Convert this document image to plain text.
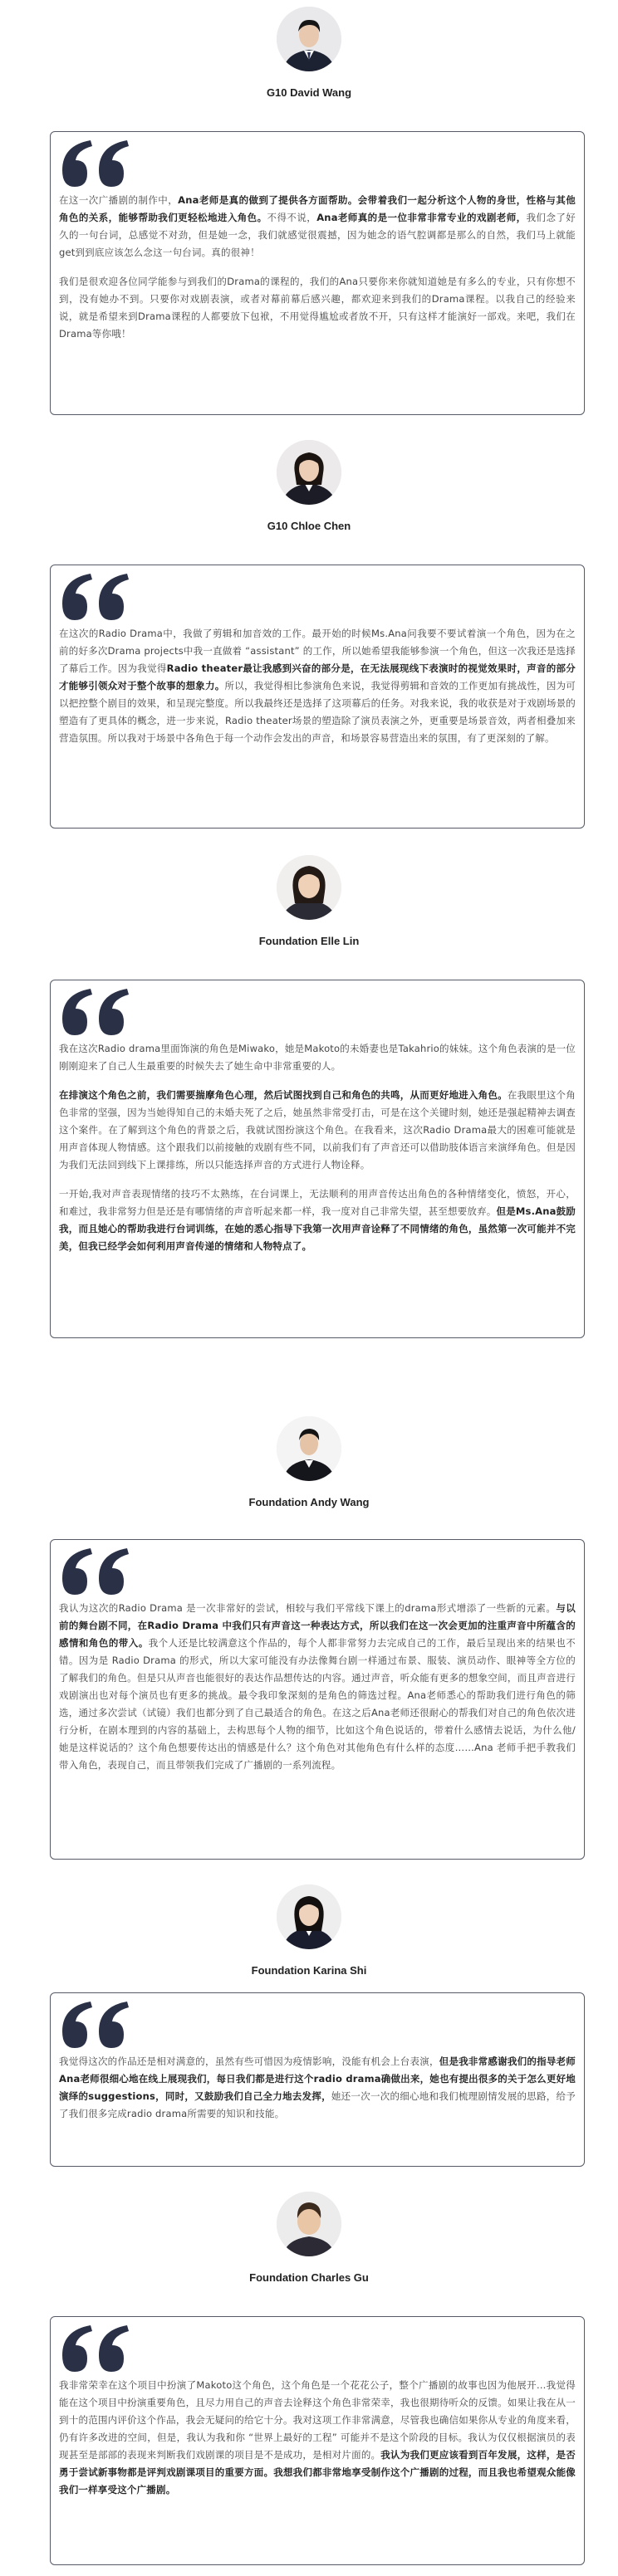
G10 David Wang

在这一次广播剧的制作中，Ana老师是真的做到了提供各方面帮助。会带着我们一起分析这个人物的身世，性格与其他角色的关系，能够帮助我们更轻松地进入角色。不得不说，Ana老师真的是一位非常非常专业的戏剧老师，我们念了好久的一句台词，总感觉不对劲，但是她一念，我们就感觉很震撼，因为她念的语气腔调都是那么的自然，我们马上就能get到到底应该怎么念这一句台词。真的很神！

我们是很欢迎各位同学能参与到我们的Drama的课程的，我们的Ana只要你来你就知道她是有多么的专业，只有你想不到，没有她办不到。只要你对戏剧表演，或者对幕前幕后感兴趣，都欢迎来到我们的Drama课程。以我自己的经验来说，就是希望来到Drama课程的人都要放下包袱，不用觉得尴尬或者放不开，只有这样才能演好一部戏。来吧，我们在Drama等你哦！

G10 Chloe Chen

在这次的Radio Drama中，我做了剪辑和加音效的工作。最开始的时候Ms.Ana问我要不要试着演一个角色，因为在之前的好多次Drama projects中我一直做着 “assistant” 的工作，所以她希望我能够参演一个角色，但这一次我还是选择了幕后工作。因为我觉得Radio theater最让我感到兴奋的部分是，在无法展现线下表演时的视觉效果时，声音的部分才能够引领众对于整个故事的想象力。所以，我觉得相比参演角色来说，我觉得剪辑和音效的工作更加有挑战性，因为可以把控整个剧目的效果，和呈现完整度。所以我最终还是选择了这项幕后的任务。对我来说，我的收获是对于戏剧场景的塑造有了更具体的概念，进一步来说，Radio theater场景的塑造除了演员表演之外，更重要是场景音效，两者相叠加来营造氛围。所以我对于场景中各角色于每一个动作会发出的声音，和场景容易营造出来的氛围，有了更深刻的了解。

Foundation Elle Lin

我在这次Radio drama里面饰演的角色是Miwako，她是Makoto的未婚妻也是Takahrio的妹妹。这个角色表演的是一位刚刚迎来了自己人生最重要的时候失去了她生命中非常重要的人。

在排演这个角色之前，我们需要揣摩角色心理，然后试图找到自己和角色的共鸣，从而更好地进入角色。在我眼里这个角色非常的坚强，因为当她得知自己的未婚夫死了之后，她虽然非常受打击，可是在这个关键时刻，她还是强起精神去调查这个案件。在了解到这个角色的背景之后，我就试图扮演这个角色。在我看来，这次Radio Drama最大的困难可能就是用声音体现人物情感。这个跟我们以前接触的戏剧有些不同，以前我们有了声音还可以借助肢体语言来演绎角色。但是因为我们无法回到线下上课排练，所以只能选择声音的方式进行人物诠释。

一开始,我对声音表现情绪的技巧不太熟练，在台词课上，无法顺利的用声音传达出角色的各种情绪变化，愤怒，开心，和难过，我非常努力但是还是有哪情绪的声音听起来都一样，我一度对自己非常失望，甚至想要放弃。但是Ms.Ana鼓励我，而且她心的帮助我进行台词训练，在她的悉心指导下我第一次用声音诠释了不同情绪的角色，虽然第一次可能并不完美，但我已经学会如何利用声音传递的情绪和人物特点了。

Foundation Andy Wang

我认为这次的Radio Drama 是一次非常好的尝试，相较与我们平常线下课上的drama形式增添了一些新的元素。与以前的舞台剧不同，在Radio Drama 中我们只有声音这一种表达方式，所以我们在这一次会更加的注重声音中所蕴含的感情和角色的带入。我个人还是比较满意这个作品的，每个人都非常努力去完成自己的工作，最后呈现出来的结果也不错。因为是 Radio Drama 的形式，所以大家可能没有办法像舞台剧一样通过布景、服装、演员动作、眼神等全方位的了解我们的角色。但是只从声音也能很好的表达作品想传达的内容。通过声音，听众能有更多的想象空间，而且声音进行戏剧演出也对每个演员也有更多的挑战。最令我印象深刻的是角色的筛选过程。Ana老师悉心的帮助我们进行角色的筛选，通过多次尝试（试镜）我们也都分到了自己最适合的角色。在这之后Ana老师还很耐心的帮我们对自己的角色依次进行分析，在剧本理到的内容的基础上，去构思每个人物的细节，比如这个角色说话的，带着什么感情去说话，为什么他/她是这样说话的？这个角色想要传达出的情感是什么？这个角色对其他角色有什么样的态度……Ana 老师手把手教我们带入角色，表现自己，而且带领我们完成了广播剧的一系列流程。

Foundation Karina Shi

我觉得这次的作品还是相对满意的，虽然有些可惜因为疫情影响，没能有机会上台表演，但是我非常感谢我们的指导老师Ana老师很细心地在线上展现我们，每日我们都是进行这个radio drama确做出来，她也有提出很多的关于怎么更好地演绎的suggestions，同时，又鼓励我们自己全力地去发挥，她还一次一次的细心地和我们梳理剧情发展的思路，给予了我们很多完成radio drama所需要的知识和技能。

Foundation Charles Gu

我非常荣幸在这个项目中扮演了Makoto这个角色，这个角色是一个花花公子，整个广播剧的故事也因为他展开…我觉得能在这个项目中扮演重要角色，且尽力用自己的声音去诠释这个角色非常荣幸，我也很期待听众的反馈。如果让我在从一到十的范围内评价这个作品，我会无疑问的给它十分。我对这项工作非常满意，尽管我也确信如果你从专业的角度来看，仍有许多改进的空间，但是，我认为我和你 “世界上最好的工程” 可能并不是这个阶段的目标。我认为仅仅根据演员的表现甚至是部部的表现来判断我们戏剧课的项目是不是成功，是相对片面的。我认为我们更应该看到百年发展，这样，是否勇于尝试新事物都是评判戏剧课项目的重要方面。我想我们都非常地享受制作这个广播剧的过程，而且我也希望观众能像我们一样享受这个广播剧。
